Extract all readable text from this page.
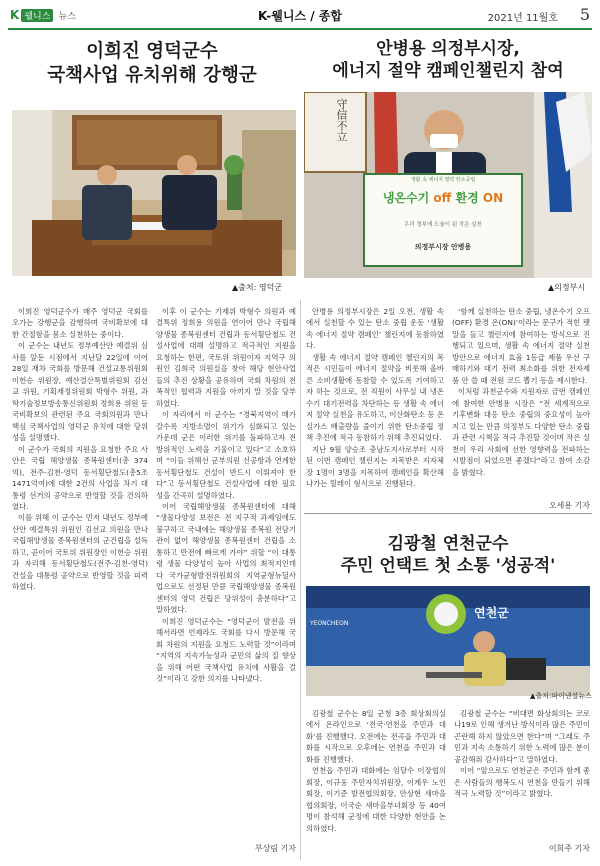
K 웰니스 뉴스	K-웰니스 / 종합	2021년 11월호 5
이희진 영덕군수
국책사업 유치위해 강행군
안병용 의정부시장,
에너지 절약 캠페인챌린지 참여
▲출처: 영덕군
守信不立
생활 속 에너지 절약 탄소중립
냉온수기 off 환경 ON
우리 정부에 도움이 된 작은 실천
의정부시장 안병용
▲의정부시

이희진 영덕군수가 매주 영덕군 국회를 오가는 강행군을 감행하며 국비확보에 대한 간절함을 몸소 실천하는 중이다.

이 군수는 내년도 정부예산안 예결위 심사를 앞둔 시점에서 지난달 22일에 이어 28일 재차 국회를 방문해 건설교통위원회 이헌승 위원장, 예산결산특별위원회 김선교 위원, 기획재정위원회 박형수 위원, 과학기술정보방송통신위원회 정희용 위원 등 국비확보의 관련된 주요 국회의원과 만나 핵심 국책사업의 영덕군 유치에 대한 당위성을 설명했다.

이 군수가 국회의 지원을 요청한 주요 사안은 국립 해양생물 종복원센터(총 374억), 전주-김천-영덕 동서횡단철도(총5조1471억여)에 대한 2건의 사업을 차기 대통령 선거의 공약으로 반영할 것을 건의하였다.

이를 위해 이 군수는 먼저 내년도 정부예산안 예결특위 위원인 김선교 의원을 만나 국립해양생물 종복원센터의 군건립을 설득하고, 곧이어 국토위 위원장인 이헌승 위원과 자리해 동서횡단철도(전주-김천-영덕) 건설을 대통령 공약으로 반영할 것을 피력하였다.

이후 이 군수는 기재위 박형수 의원과 예결특위 정희용 의원을 연이어 만나 국립해양생물 종복원센터 건립과 동서횡단철도 건설사업에 대해 설명하고 적극적인 지원을 요청하는 한편, 국토위 위원이자 지역구 의원인 김희국 의원실을 찾아 해당 현안사업들의 추진 상황을 공유하며 국회 차원의 전폭적인 협력과 지원을 아끼지 말 것을 당부하였다.

이 자리에서 이 군수는 “경북지역이 매가 갈수록 지방소멸이 위기가 심화되고 있는 가운데 군은 이러한 위기를 돌파하고자 전방위적인 노력을 기울이고 있다”고 소호하며 “이들 위해선 군부의원 신공항과 연계한 동서횡단철도 건설이 반드시 이뤄져야 한다”고 동서횡단철도 건설사업에 대한 필요성을 간곡히 설명하였다.

이어 국립해양생물 종복원센터에 대해 “생물다양성 보전은 전 지구적 과제임에도 불구하고 국내에는 해양생물 종복원 전담기관이 없어 해양생물 종복원센터 건립을 소통하고 만전에 빠르게 가야” 위할 “이 대통령 생물 다양성이 높아 사업의 최적지인데다 국가균형발전위원회의 지역균형뉴딜사업으로도 선정된 만큼 국립해양생물 종복원센터의 영덕 건립은 당위성이 충분하다”고 말하였다.

이희진 영덕군수는 “영덕군이 발전을 위해서라면 언제라도 국회를 다시 방문해 국회 차원의 지원을 요청드 노력할 것”이라며 “지역의 지속가능성과 군민의 삶의 질 향상을 위해 어떤 국책사업 유치에 사활을 걸 것”이라고 강한 의지를 나타냈다.

부상림 기자

안병용 의정부시장은 2일 오전, 생활 속에서 실천할 수 있는 탄소 중립 운동 ‘생활 속 에너지 절약 캠페인’ 챌린지에 동참하였다.

생활 속 에너지 절약 캠페인 챌린지의 목적은 시민들이 에너지 절약을 비롯해 올바른 소비생활에 동참할 수 있도록 기여하고자 하는 것으로, 전 직원이 사무실 내 냉온수기 대기전력을 차단하는 등 생활 속 에너지 절약 실천을 유도하고, 이산화탄소 등 온실가스 배출량을 줄이기 위한 탄소중립 정책 추진에 적극 동참하기 위해 추진되었다.

지난 9월 양승조 충남도지사로부터 시작된 이번 캠페인 챌린지는 지목받은 지자체장 1명이 3명을 지목하여 캠페인을 확산해 나가는 릴레이 형식으로 진행된다.

‘함께 실천하는 탄소 중립, 냉온수기 오프(OFF) 환경 온(ON)’이라는 문구가 적힌 팻말을 들고 챌린지에 참여하는 방식으로 진행되고 있으며, 생활 속 에너지 절약 실천 방안으로 에너지 효율 1등급 제품 우선 구매하기와 대기 전력 최소화를 위한 전자제품 안 쓸 때 전원 코드 뽑기 등을 제시한다.

이처럼 과천군수와 지원자로 금번 캠페인에 참여한 안병용 시장은 “전 세계적으로 기후변화 대응 탄소 중립의 중요성이 높아지고 있는 만큼 의정부도 다양한 탄소 중립과 관련 시책을 적극 추진할 것이며 작은 실천이 우리 사회에 선한 영향력을 전파하는 시발점이 되었으면 좋겠다”라고 참여 소감을 밝혔다.

오세용 기자
김광철 연천군수
주민 언택트 첫 소통 '성공적'
연천군
YEONCHEON
▲출처:파이낸셜뉴스

김광철 군수는 8일 군청 3층 회상회의실에서 온라인으로 ‘전국·연천을 주민과 대화’를 진행했다. 오전에는 전곡읍 주민과 대화를 시작으로 오후에는 연천읍 주민과 대화를 진행했다.

연천읍 주민과 대화에는 임달수 이장협의회장, 이규웅 주민자치위원장, 이계우 노인회장, 이기준 발전협의회장, 안상현 새마을협의회장, 이국순 새마을부녀회장 등 40여명이 참석해 군정에 대한 다양한 현안을 논의하였다.

김광철 군수는 “비대면 화상회의는 코로나19로 인해 생겨난 방식이라 많은 주민이 곤란해 하지 않았으면 한다”며 “그래도 주민과 지속 소통하기 위한 노력에 많은 분이 공감해줘 감사하다”고 말하였다.

이어 “앞으로도 연천군은 주민과 함께 좋은 사람들의 행복도시 연천을 만들기 위해 적극 노력할 것”이라고 밝혔다.

이희주 기자
